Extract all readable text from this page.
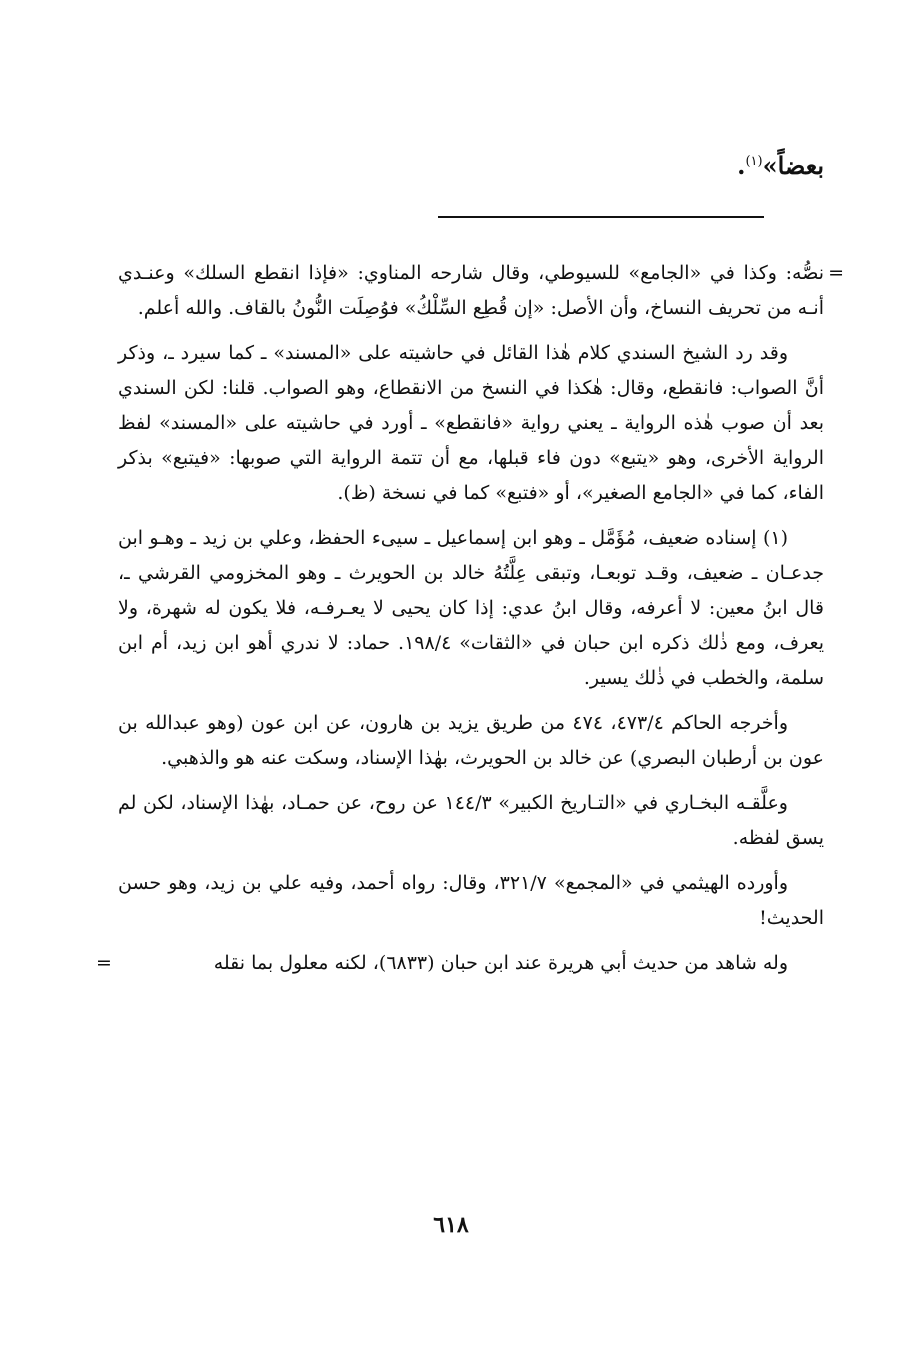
بعضاً»$^{(١)}$.

=
نصُّه: وكذا في «الجامع» للسيوطي، وقال شارحه المناوي: «فإذا انقطع السلك» وعنـدي أنـه من تحريف النساخ، وأن الأصل: «إن قُطِع السِّلْكُ» فوُصِلَت النُّونُ بالقاف. والله أعلم.

وقد رد الشيخ السندي كلام هٰذا القائل في حاشيته على «المسند» ـ كما سيرد ـ، وذكر أنَّ الصواب: فانقطع، وقال: هٰكذا في النسخ من الانقطاع، وهو الصواب. قلنا: لكن السندي بعد أن صوب هٰذه الرواية ـ يعني رواية «فانقطع» ـ أورد في حاشيته على «المسند» لفظ الرواية الأخرى، وهو «يتبع» دون فاء قبلها، مع أن تتمة الرواية التي صوبها: «فيتبع» بذكر الفاء، كما في «الجامع الصغير»، أو «فتبع» كما في نسخة (ظ).

(١) إسناده ضعيف، مُؤَمَّل ـ وهو ابن إسماعيل ـ سيىء الحفظ، وعلي بن زيد ـ وهـو ابن جدعـان ـ ضعيف، وقـد توبعـا، وتبقى عِلَّتُهُ خالد بن الحويرث ـ وهو المخزومي القرشي ـ، قال ابنُ معين: لا أعرفه، وقال ابنُ عدي: إذا كان يحيى لا يعـرفـه، فلا يكون له شهرة، ولا يعرف، ومع ذٰلك ذكره ابن حبان في «الثقات» ١٩٨/٤. حماد: لا ندري أهو ابن زيد، أم ابن سلمة، والخطب في ذٰلك يسير.

وأخرجه الحاكم ٤٧٣/٤، ٤٧٤ من طريق يزيد بن هارون، عن ابن عون (وهو عبدالله بن عون بن أرطبان البصري) عن خالد بن الحويرث، بهٰذا الإسناد، وسكت عنه هو والذهبي.

وعلَّقـه البخـاري في «التـاريخ الكبير» ١٤٤/٣ عن روح، عن حمـاد، بهٰذا الإسناد، لكن لم يسق لفظه.

وأورده الهيثمي في «المجمع» ٣٢١/٧، وقال: رواه أحمد، وفيه علي بن زيد، وهو حسن الحديث!

وله شاهد من حديث أبي هريرة عند ابن حبان (٦٨٣٣)، لكنه معلول بما نقله
=

٦١٨
